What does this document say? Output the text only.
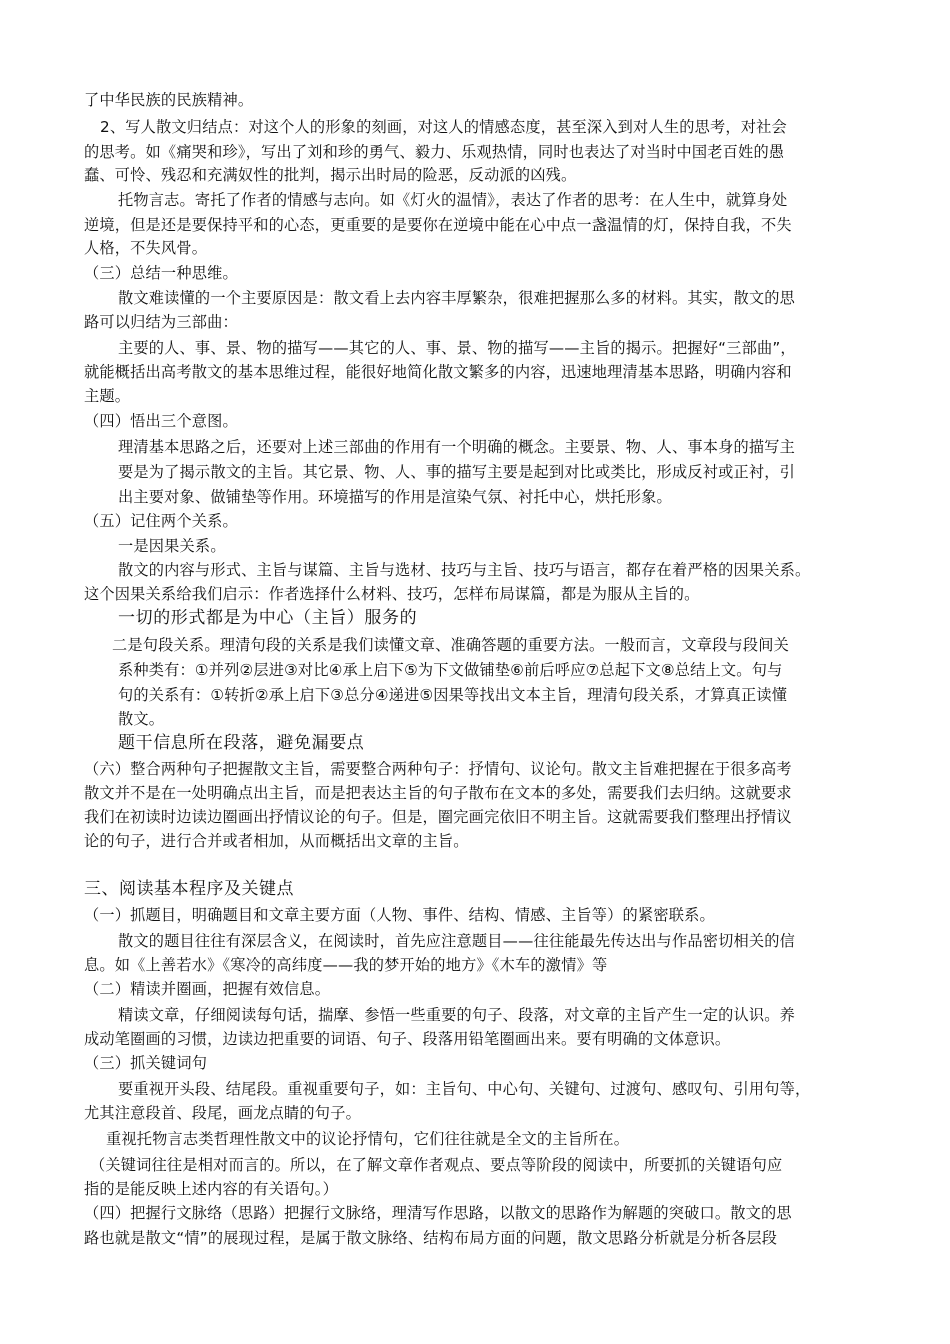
了中华民族的民族精神。
2、写人散文归结点：对这个人的形象的刻画，对这人的情感态度，甚至深入到对人生的思考，对社会
的思考。如《痛哭和珍》，写出了刘和珍的勇气、毅力、乐观热情，同时也表达了对当时中国老百姓的愚
蠢、可怜、残忍和充满奴性的批判，揭示出时局的险恶，反动派的凶残。
托物言志。寄托了作者的情感与志向。如《灯火的温情》，表达了作者的思考：在人生中，就算身处
逆境，但是还是要保持平和的心态，更重要的是要你在逆境中能在心中点一盏温情的灯，保持自我，不失
人格，不失风骨。
（三）总结一种思维。
散文难读懂的一个主要原因是：散文看上去内容丰厚繁杂，很难把握那么多的材料。其实，散文的思
路可以归结为三部曲：
主要的人、事、景、物的描写——其它的人、事、景、物的描写——主旨的揭示。把握好“三部曲”，
就能概括出高考散文的基本思维过程，能很好地简化散文繁多的内容，迅速地理清基本思路，明确内容和
主题。
（四）悟出三个意图。
理清基本思路之后，还要对上述三部曲的作用有一个明确的概念。主要景、物、人、事本身的描写主
要是为了揭示散文的主旨。其它景、物、人、事的描写主要是起到对比或类比，形成反衬或正衬，引
出主要对象、做铺垫等作用。环境描写的作用是渲染气氛、衬托中心，烘托形象。
（五）记住两个关系。
一是因果关系。
散文的内容与形式、主旨与谋篇、主旨与选材、技巧与主旨、技巧与语言，都存在着严格的因果关系。
这个因果关系给我们启示：作者选择什么材料、技巧，怎样布局谋篇，都是为服从主旨的。
一切的形式都是为中心（主旨）服务的
二是句段关系。理清句段的关系是我们读懂文章、准确答题的重要方法。一般而言，文章段与段间关
系种类有：①并列②层进③对比④承上启下⑤为下文做铺垫⑥前后呼应⑦总起下文⑧总结上文。句与
句的关系有：①转折②承上启下③总分④递进⑤因果等找出文本主旨，理清句段关系，才算真正读懂
散文。
题干信息所在段落，避免漏要点
（六）整合两种句子把握散文主旨，需要整合两种句子：抒情句、议论句。散文主旨难把握在于很多高考
散文并不是在一处明确点出主旨，而是把表达主旨的句子散布在文本的多处，需要我们去归纳。这就要求
我们在初读时边读边圈画出抒情议论的句子。但是，圈完画完依旧不明主旨。这就需要我们整理出抒情议
论的句子，进行合并或者相加，从而概括出文章的主旨。
三、阅读基本程序及关键点
（一）抓题目，明确题目和文章主要方面（人物、事件、结构、情感、主旨等）的紧密联系。
散文的题目往往有深层含义，在阅读时，首先应注意题目——往往能最先传达出与作品密切相关的信
息。如《上善若水》《寒冷的高纬度——我的梦开始的地方》《木车的激情》等
（二）精读并圈画，把握有效信息。
精读文章，仔细阅读每句话，揣摩、参悟一些重要的句子、段落，对文章的主旨产生一定的认识。养
成动笔圈画的习惯，边读边把重要的词语、句子、段落用铅笔圈画出来。要有明确的文体意识。
（三）抓关键词句
要重视开头段、结尾段。重视重要句子，如：主旨句、中心句、关键句、过渡句、感叹句、引用句等，
尤其注意段首、段尾，画龙点睛的句子。
重视托物言志类哲理性散文中的议论抒情句，它们往往就是全文的主旨所在。
（关键词往往是相对而言的。所以，在了解文章作者观点、要点等阶段的阅读中，所要抓的关键语句应
指的是能反映上述内容的有关语句。）
（四）把握行文脉络（思路）把握行文脉络，理清写作思路，以散文的思路作为解题的突破口。散文的思
路也就是散文“情”的展现过程，是属于散文脉络、结构布局方面的问题，散文思路分析就是分析各层段
